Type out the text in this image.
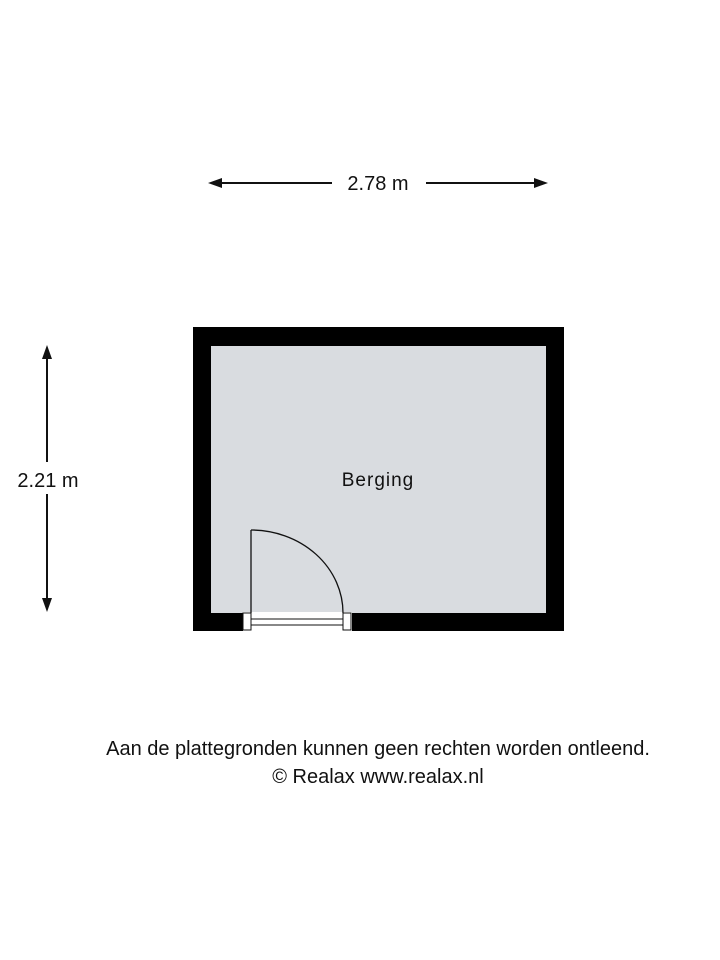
2.78 m
2.21 m	Berging
Aan de plattegronden kunnen geen rechten worden ontleend.
© Realax www.realax.nl
